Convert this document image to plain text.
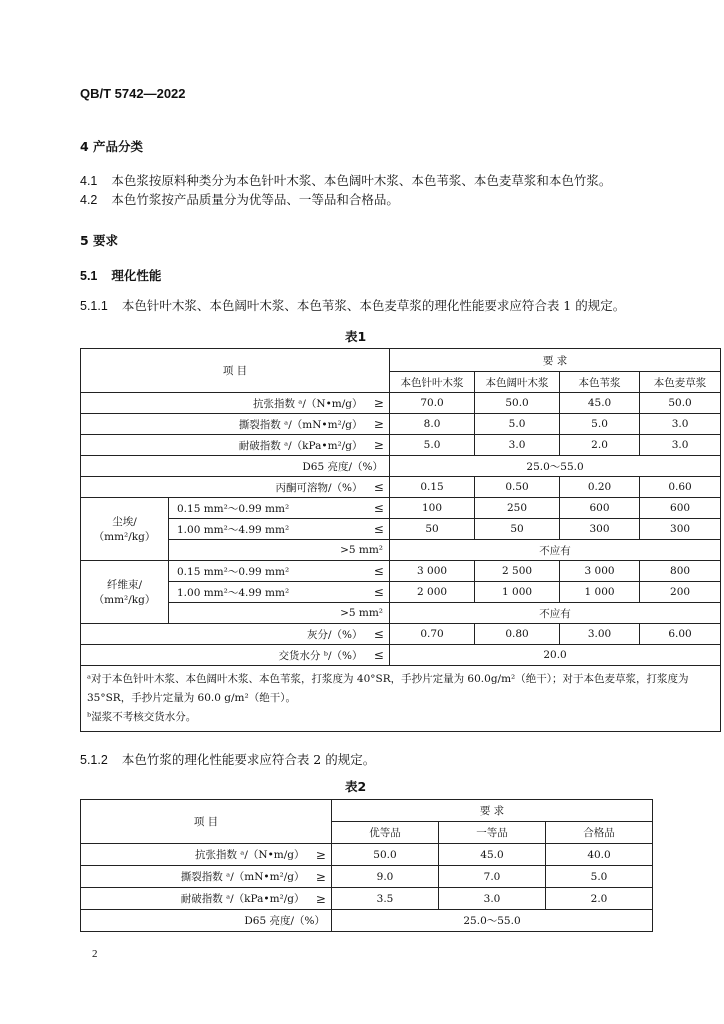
QB/T 5742—2022
4 产品分类
4.1 本色浆按原料种类分为本色针叶木浆、本色阔叶木浆、本色苇浆、本色麦草浆和本色竹浆。
4.2 本色竹浆按产品质量分为优等品、一等品和合格品。
5 要求
5.1 理化性能
5.1.1 本色针叶木浆、本色阔叶木浆、本色苇浆、本色麦草浆的理化性能要求应符合表 1 的规定。
表1
项 目			要 求			
			本色针叶木浆	本色阔叶木浆	本色苇浆	本色麦草浆
抗张指数 ᵃ/（N•m/g）		≥	70.0	50.0	45.0	50.0
撕裂指数 ᵃ/（mN•m²/g）		≥	8.0	5.0	5.0	3.0
耐破指数 ᵃ/（kPa•m²/g）		≥	5.0	3.0	2.0	3.0
D65 亮度/（%）			25.0～55.0			
丙酮可溶物/（%）		≤	0.15	0.50	0.20	0.60

尘埃/
（mm²/kg）	0.15 mm²～0.99 mm²	≤	100	250	600	600
	1.00 mm²～4.99 mm²	≤	50	50	300	300
	>5 mm²		不应有			

纤维束/
（mm²/kg）	0.15 mm²～0.99 mm²	≤	3 000	2 500	3 000	800
	1.00 mm²～4.99 mm²	≤	2 000	1 000	1 000	200
	>5 mm²		不应有			
灰分/（%）		≤	0.70	0.80	3.00	6.00
交货水分 ᵇ/（%）		≤	20.0			

ᵃ对于本色针叶木浆、本色阔叶木浆、本色苇浆，打浆度为 40°SR，手抄片定量为 60.0g/m²（绝干）；对于本色麦草浆，打浆度为 35°SR，手抄片定量为 60.0 g/m²（绝干）。
ᵇ湿浆不考核交货水分。						
5.1.2 本色竹浆的理化性能要求应符合表 2 的规定。
表2
项 目		要 求		
		优等品	一等品	合格品
抗张指数 ᵃ/（N•m/g）	≥	50.0	45.0	40.0
撕裂指数 ᵃ/（mN•m²/g）	≥	9.0	7.0	5.0
耐破指数 ᵃ/（kPa•m²/g）	≥	3.5	3.0	2.0
D65 亮度/（%）		25.0～55.0		
2
